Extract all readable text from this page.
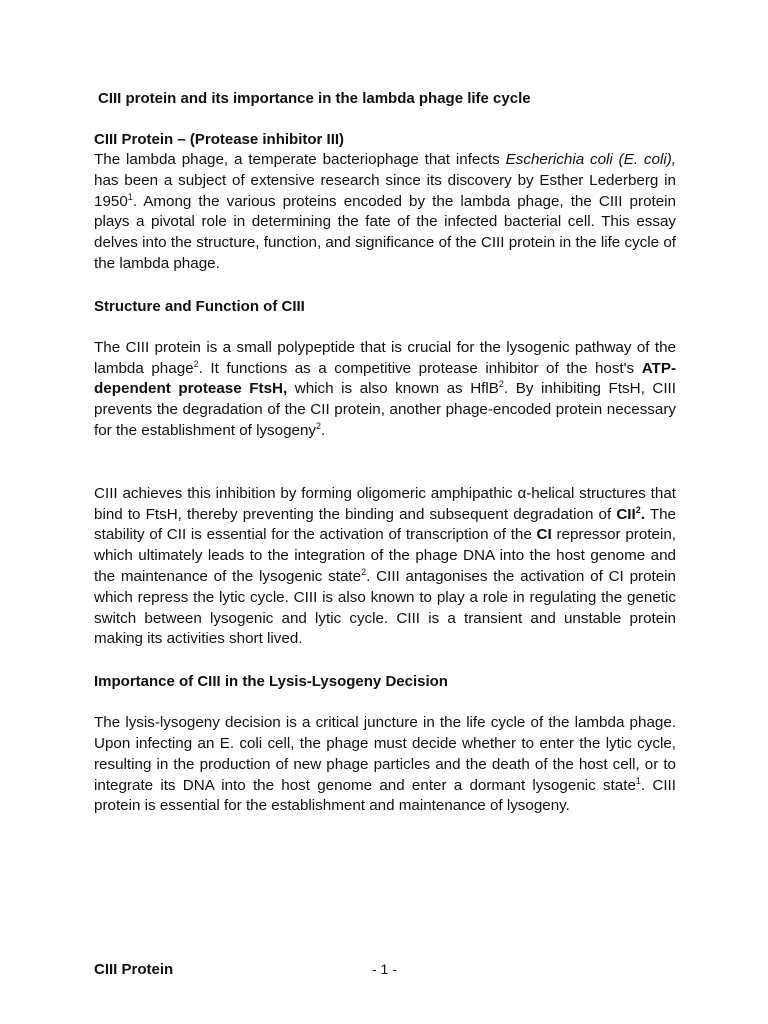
CIII protein and its importance in the lambda phage life cycle
CIII Protein – (Protease inhibitor III)

The lambda phage, a temperate bacteriophage that infects Escherichia coli (E. coli), has been a subject of extensive research since its discovery by Esther Lederberg in 1950$^1$. Among the various proteins encoded by the lambda phage, the CIII protein plays a pivotal role in determining the fate of the infected bacterial cell. This essay delves into the structure, function, and significance of the CIII protein in the life cycle of the lambda phage.

Structure and Function of CIII

The CIII protein is a small polypeptide that is crucial for the lysogenic pathway of the lambda phage$^2$. It functions as a competitive protease inhibitor of the host's ATP-dependent protease FtsH, which is also known as HflB$^2$. By inhibiting FtsH, CIII prevents the degradation of the CII protein, another phage-encoded protein necessary for the establishment of lysogeny$^2$.

CIII achieves this inhibition by forming oligomeric amphipathic α-helical structures that bind to FtsH, thereby preventing the binding and subsequent degradation of CII$^2$. The stability of CII is essential for the activation of transcription of the CI repressor protein, which ultimately leads to the integration of the phage DNA into the host genome and the maintenance of the lysogenic state$^2$. CIII antagonises the activation of CI protein which repress the lytic cycle. CIII is also known to play a role in regulating the genetic switch between lysogenic and lytic cycle. CIII is a transient and unstable protein making its activities short lived.

Importance of CIII in the Lysis-Lysogeny Decision

The lysis-lysogeny decision is a critical juncture in the life cycle of the lambda phage. Upon infecting an E. coli cell, the phage must decide whether to enter the lytic cycle, resulting in the production of new phage particles and the death of the host cell, or to integrate its DNA into the host genome and enter a dormant lysogenic state$^1$. CIII protein is essential for the establishment and maintenance of lysogeny.

CIII Protein	- 1 -
